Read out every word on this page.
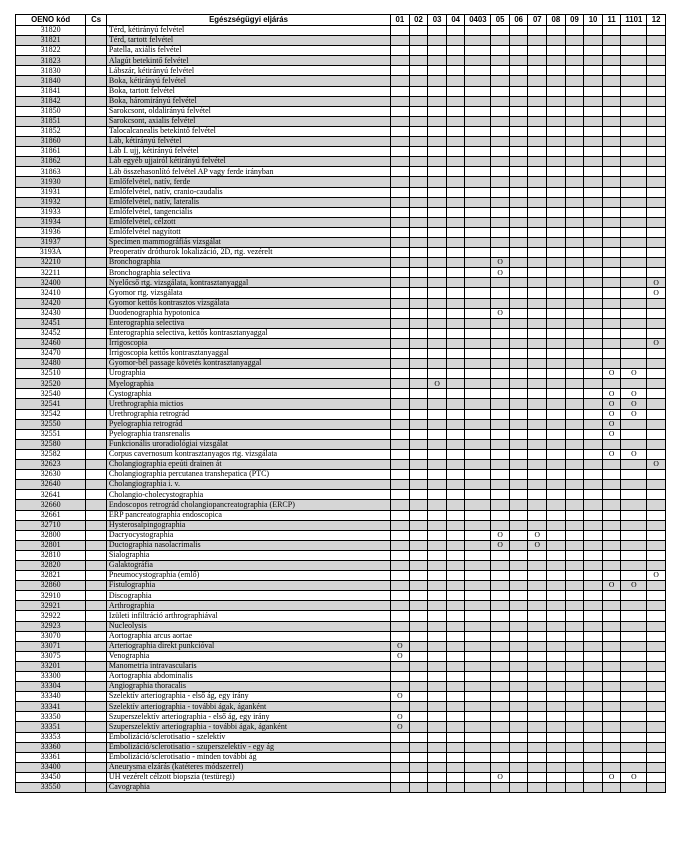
OENO kód	Cs	Egészségügyi eljárás	01	02	03	04	0403	05	06	07	08	09	10	11	1101	12
31820		Térd, kétirányú felvétel														
31821		Térd, tartott felvétel														
31822		Patella, axiális felvétel														
31823		Alagút betekintő felvétel														
31830		Lábszár, kétirányú felvétel														
31840		Boka, kétirányú felvétel														
31841		Boka, tartott felvétel														
31842		Boka, háromirányú felvétel														
31850		Sarokcsont, oldalirányú felvétel														
31851		Sarokcsont, axialis felvétel														
31852		Talocalcanealis betekintő felvétel														
31860		Láb, kétirányú felvétel														
31861		Láb I. ujj, kétirányú felvétel														
31862		Láb egyéb ujjairól kétirányú felvétel														
31863		Láb összehasonlító felvétel AP vagy ferde irányban														
31930		Emlőfelvétel, natív, ferde														
31931		Emlőfelvétel, natív, cranio-caudalis														
31932		Emlőfelvétel, natív, lateralis														
31933		Emlőfelvétel, tangenciális														
31934		Emlőfelvétel, célzott														
31936		Emlőfelvétel nagyított														
31937		Specimen mammográfiás vizsgálat														
3193A		Preoperatív dróthurok lokalizáció, 2D, rtg. vezérelt														
32210		Bronchographia						O								
32211		Bronchographia selectiva						O								
32400		Nyelőcső rtg. vizsgálata, kontrasztanyaggal														O
32410		Gyomor rtg. vizsgálata														O
32420		Gyomor kettős kontrasztos vizsgálata														
32430		Duodenographia hypotonica						O								
32451		Enterographia selectiva														
32452		Enterographia selectiva, kettős kontrasztanyaggal														
32460		Irrigoscopia														O
32470		Irrigoscopia kettős kontrasztanyaggal														
32480		Gyomor-bél passage követés kontrasztanyaggal														
32510		Urographia												O	O	
32520		Myelographia			O											
32540		Cystographia												O	O	
32541		Urethrographia mictios												O	O	
32542		Urethrographia retrográd												O	O	
32550		Pyelographia retrográd												O		
32551		Pyelographia transrenalis												O		
32580		Funkcionális uroradiológiai vizsgálat														
32582		Corpus cavernosum kontrasztanyagos rtg. vizsgálata												O	O	
32623		Cholangiographia epeúti drainen át														O
32630		Cholangiographia percutanea transhepatica (PTC)														
32640		Cholangiographia i. v.														
32641		Cholangio-cholecystographia														
32660		Endoscopos retrográd cholangiopancreatographia (ERCP)														
32661		ERP pancreatographia endoscopica														
32710		Hysterosalpingographia														
32800		Dacryocystographia						O		O						
32801		Ductographia nasolacrimalis						O		O						
32810		Sialographia														
32820		Galaktográfia														
32821		Pneumocystographia (emlő)														O
32860		Fistulographia												O	O	
32910		Discographia														
32921		Arthrographia														
32922		Izületi infiltráció arthrographiával														
32923		Nucleolysis														
33070		Aortographia arcus aortae														
33071		Arteriographia direkt punkcióval	O													
33075		Venographia	O													
33201		Manometria intravascularis														
33300		Aortographia abdominalis														
33304		Angiographia thoracalis														
33340		Szelektív arteriographia - első ág, egy irány	O													
33341		Szelektív arteriographia - további ágak, áganként														
33350		Szuperszelektív arteriographia - első ág, egy irány	O													
33351		Szuperszelektív arteriographia - további ágak, áganként	O													
33353		Embolizáció/sclerotisatio - szelektív														
33360		Embolizáció/sclerotisatio - szuperszelektív - egy ág														
33361		Embolizáció/sclerotisatio - minden további ág														
33400		Aneurysma elzárás (katéteres módszerrel)														
33450		UH vezérelt célzott biopszia (testüregi)						O						O	O	
33550		Cavographia														
